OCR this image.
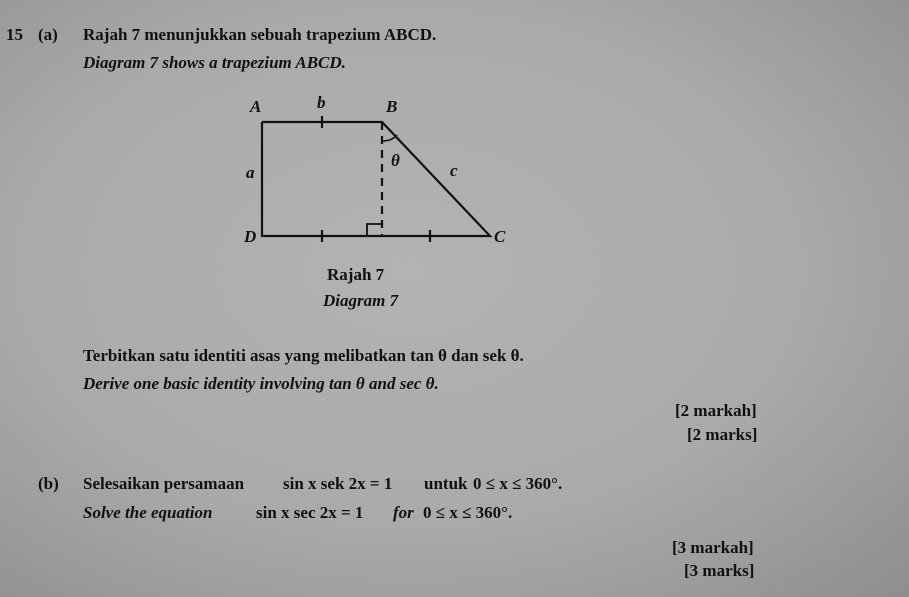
15 (a) Rajah 7 menunjukkan sebuah trapezium ABCD.
Diagram 7 shows a trapezium ABCD.
A	B
C
D
a
b
c
θ
Rajah 7
Diagram 7
Terbitkan satu identiti asas yang melibatkan tan θ dan sek θ.
Derive one basic identity involving tan θ and sec θ.
[2 markah]
[2 marks]
(b) Selesaikan persamaan sin x sek 2x = 1 untuk 0 ≤ x ≤ 360°.
Solve the equation	sin x sec 2x = 1 for 0 ≤ x ≤ 360°.
[3 markah]
[3 marks]
